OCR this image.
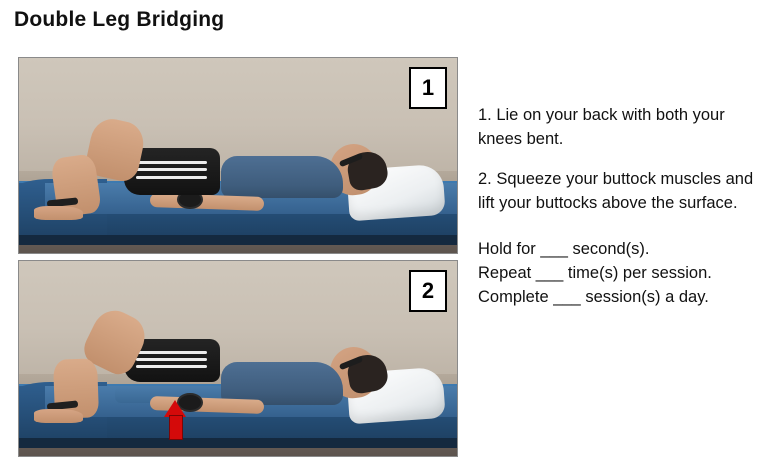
Double Leg Bridging
1
2

1. Lie on your back with both your knees bent.

2. Squeeze your buttock muscles and lift your buttocks above the surface.

Hold for ___ second(s).

Repeat ___ time(s) per session.

Complete ___ session(s) a day.
